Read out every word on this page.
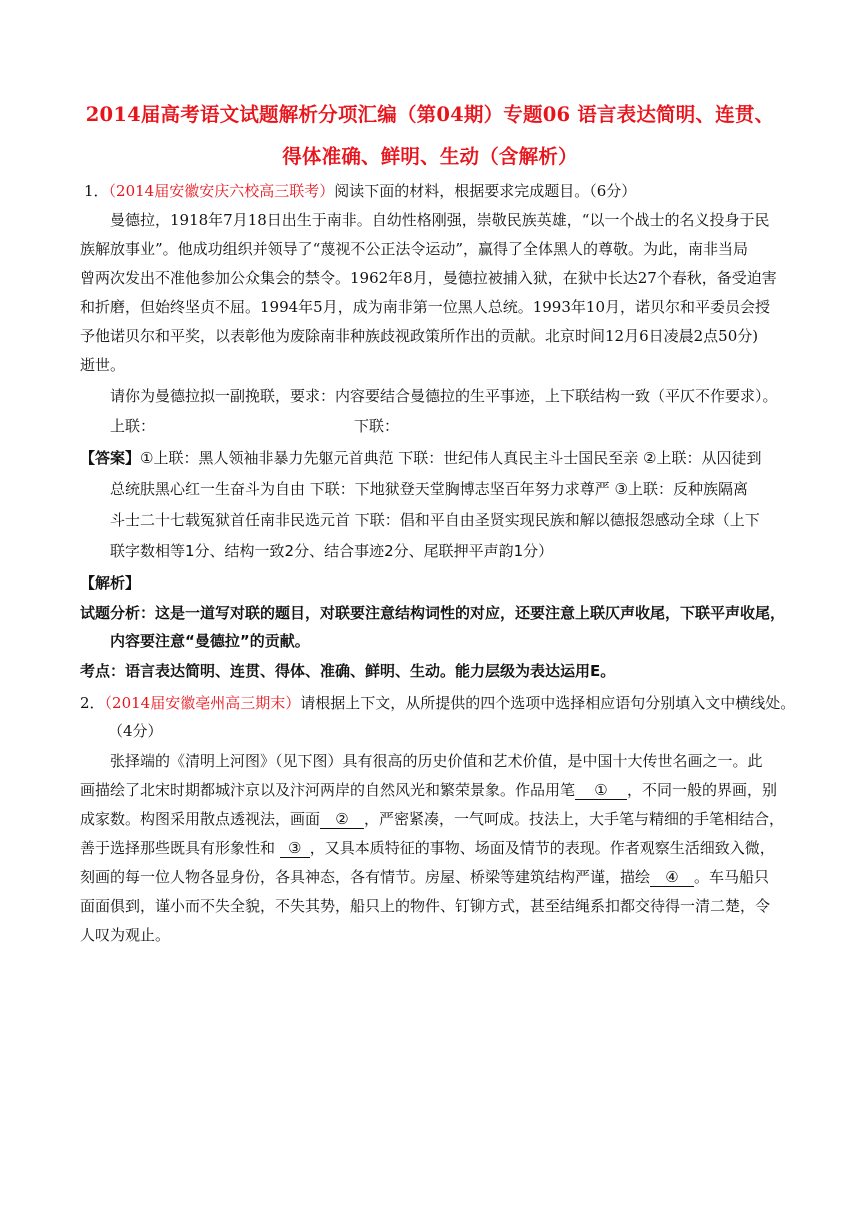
2014届高考语文试题解析分项汇编（第04期）专题06 语言表达简明、连贯、
得体准确、鲜明、生动（含解析）
1．（2014届安徽安庆六校高三联考）阅读下面的材料，根据要求完成题目。（6分）
曼德拉，1918年7月18日出生于南非。自幼性格刚强，崇敬民族英雄，“以一个战士的名义投身于民
族解放事业”。他成功组织并领导了“蔑视不公正法令运动”，赢得了全体黑人的尊敬。为此，南非当局
曾两次发出不准他参加公众集会的禁令。1962年8月，曼德拉被捕入狱，在狱中长达27个春秋，备受迫害
和折磨，但始终坚贞不屈。1994年5月，成为南非第一位黑人总统。1993年10月，诺贝尔和平委员会授
予他诺贝尔和平奖，以表彰他为废除南非种族歧视政策所作出的贡献。北京时间12月6日凌晨2点50分)
逝世。
请你为曼德拉拟一副挽联，要求：内容要结合曼德拉的生平事迹，上下联结构一致（平仄不作要求）。
上联：	下联：
【答案】①上联：黑人领袖非暴力先躯元首典范 下联：世纪伟人真民主斗士国民至亲 ②上联：从囚徒到
总统肤黑心红一生奋斗为自由 下联：下地狱登天堂胸博志坚百年努力求尊严 ③上联：反种族隔离
斗士二十七载冤狱首任南非民选元首 下联：倡和平自由圣贤实现民族和解以德报怨感动全球（上下
联字数相等1分、结构一致2分、结合事迹2分、尾联押平声韵1分）
【解析】
试题分析：这是一道写对联的题目，对联要注意结构词性的对应，还要注意上联仄声收尾，下联平声收尾，
内容要注意“曼德拉”的贡献。
考点：语言表达简明、连贯、得体、准确、鲜明、生动。能力层级为表达运用E。
2．（2014届安徽亳州高三期末）请根据上下文，从所提供的四个选项中选择相应语句分别填入文中横线处。
（4分）
张择端的《清明上河图》（见下图）具有很高的历史价值和艺术价值，是中国十大传世名画之一。此
画描绘了北宋时期都城汴京以及汴河两岸的自然风光和繁荣景象。作品用笔 ① ，不同一般的界画，别
成家数。构图采用散点透视法，画面 ② ，严密紧凑，一气呵成。技法上，大手笔与精细的手笔相结合，
善于选择那些既具有形象性和 ③ ，又具本质特征的事物、场面及情节的表现。作者观察生活细致入微，
刻画的每一位人物各显身份，各具神态，各有情节。房屋、桥梁等建筑结构严谨，描绘 ④ 。车马船只
面面俱到，谨小而不失全貌，不失其势，船只上的物件、钉铆方式，甚至结绳系扣都交待得一清二楚，令
人叹为观止。
